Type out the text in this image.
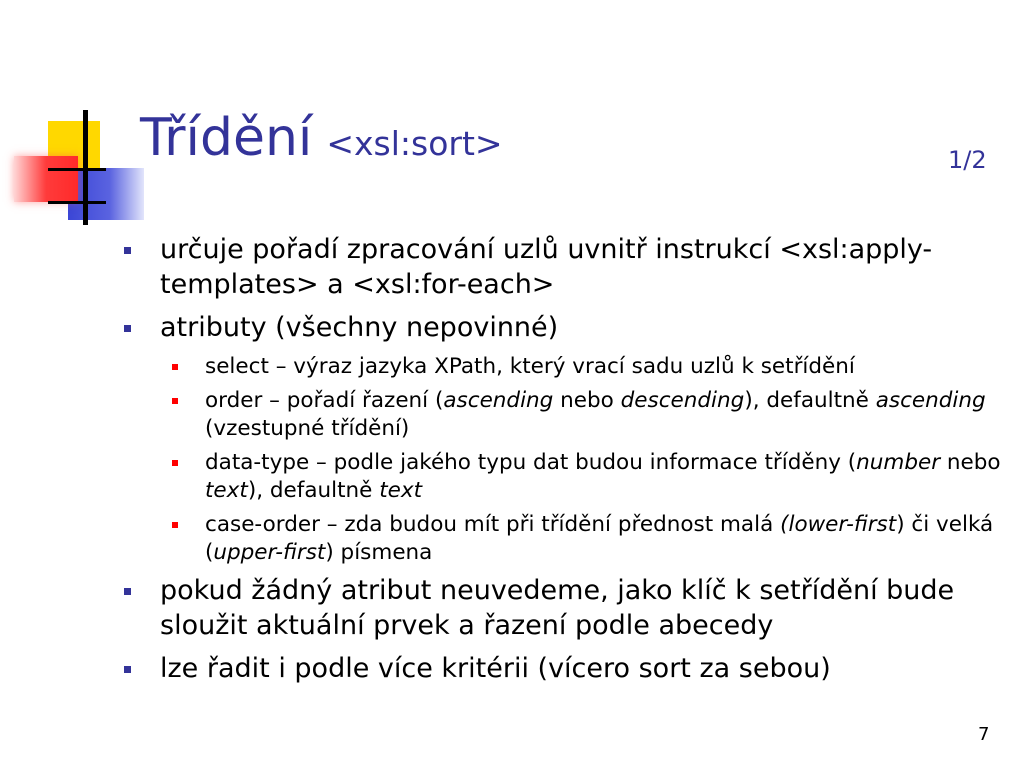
Třídění <xsl:sort>	1/2
určuje pořadí zpracování uzlů uvnitř instrukcí <xsl:apply-templates> a <xsl:for-each>
atributy (všechny nepovinné)
select – výraz jazyka XPath, který vrací sadu uzlů k setřídění
order – pořadí řazení (ascending nebo descending), defaultně ascending (vzestupné třídění)
data-type – podle jakého typu dat budou informace tříděny (number nebo text), defaultně text
case-order – zda budou mít při třídění přednost malá (lower-first) či velká (upper-first) písmena
pokud žádný atribut neuvedeme, jako klíč k setřídění bude sloužit aktuální prvek a řazení podle abecedy
lze řadit i podle více kritérii (vícero sort za sebou)
7
